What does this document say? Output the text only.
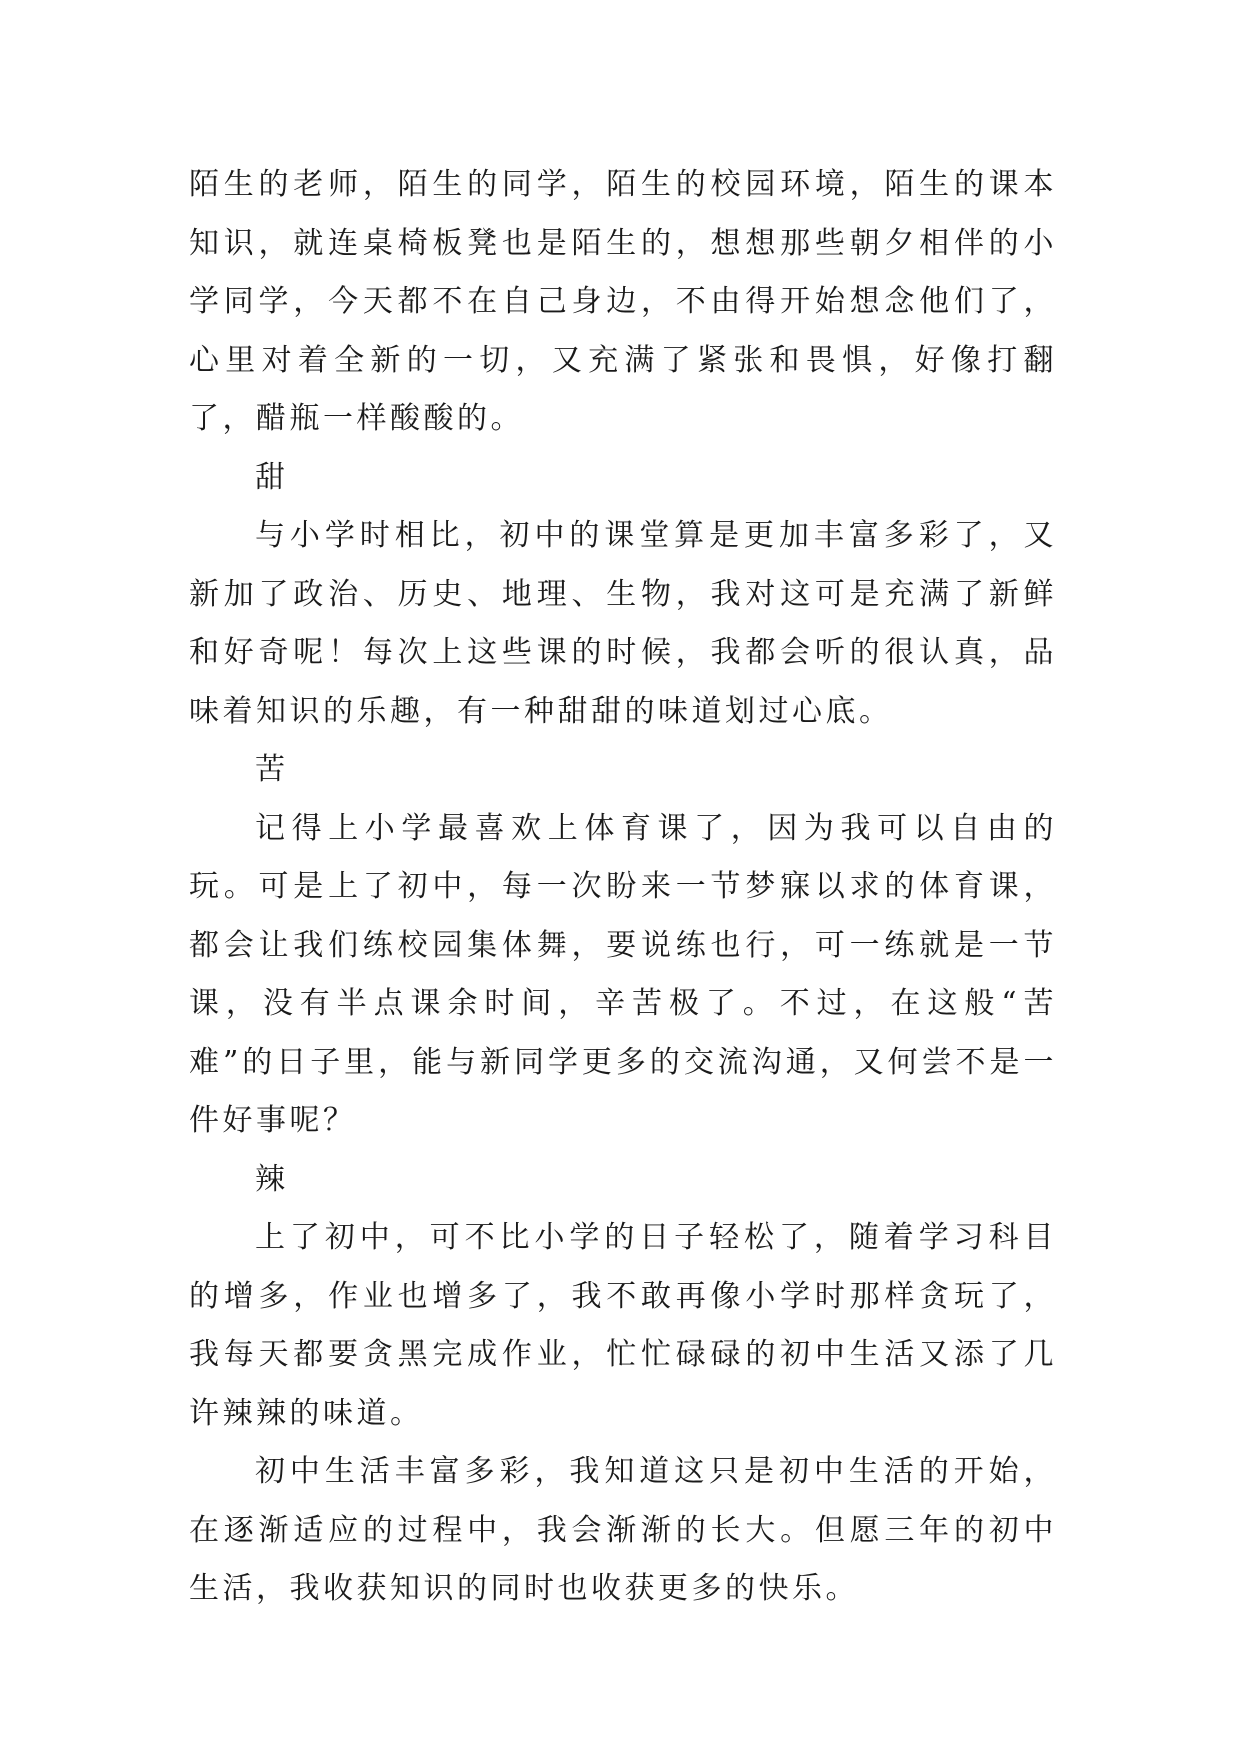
陌生的老师，陌生的同学，陌生的校园环境，陌生的课本知识，就连桌椅板凳也是陌生的，想想那些朝夕相伴的小学同学，今天都不在自己身边，不由得开始想念他们了，心里对着全新的一切，又充满了紧张和畏惧，好像打翻了，醋瓶一样酸酸的。

甜

与小学时相比，初中的课堂算是更加丰富多彩了，又新加了政治、历史、地理、生物，我对这可是充满了新鲜和好奇呢！每次上这些课的时候，我都会听的很认真，品味着知识的乐趣，有一种甜甜的味道划过心底。

苦

记得上小学最喜欢上体育课了，因为我可以自由的玩。可是上了初中，每一次盼来一节梦寐以求的体育课，都会让我们练校园集体舞，要说练也行，可一练就是一节课，没有半点课余时间，辛苦极了。不过，在这般“苦难”的日子里，能与新同学更多的交流沟通，又何尝不是一件好事呢？

辣

上了初中，可不比小学的日子轻松了，随着学习科目的增多，作业也增多了，我不敢再像小学时那样贪玩了，我每天都要贪黑完成作业，忙忙碌碌的初中生活又添了几许辣辣的味道。

初中生活丰富多彩，我知道这只是初中生活的开始，在逐渐适应的过程中，我会渐渐的长大。但愿三年的初中生活，我收获知识的同时也收获更多的快乐。
